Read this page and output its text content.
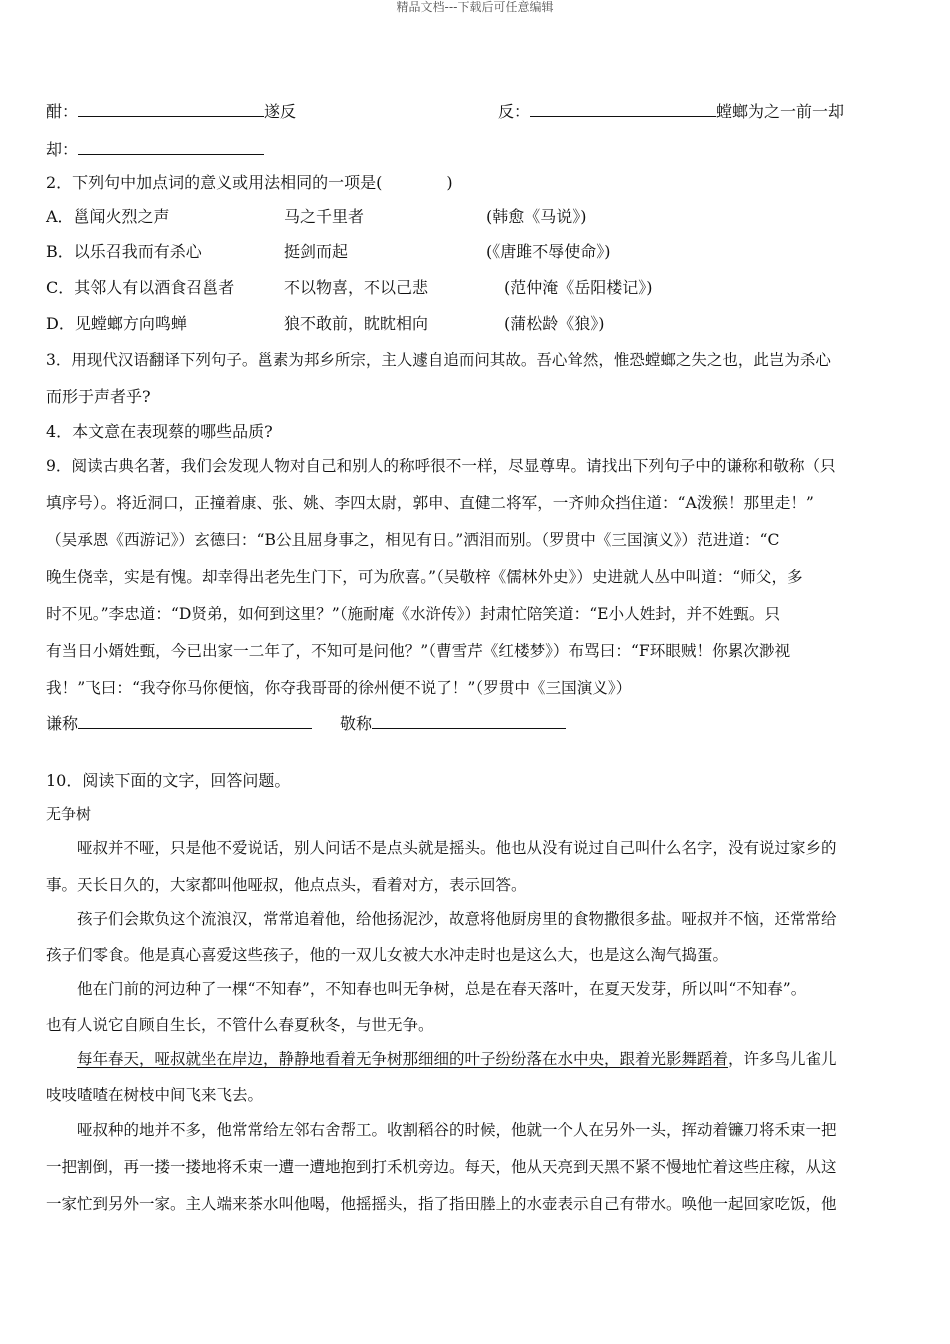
精品文档---下载后可任意编辑
酣：	遂反	反：	螳螂为之一前一却
却：
2．下列句中加点词的意义或用法相同的一项是(　　　　)
A．邕闻火烈之声	马之千里者	(韩愈《马说》)
B．以乐召我而有杀心	挺剑而起	(《唐雎不辱使命》)
C．其邻人有以酒食召邕者	不以物喜，不以己悲	(范仲淹《岳阳楼记》)
D．见螳螂方向鸣蝉	狼不敢前，眈眈相向	(蒲松龄《狼》)
3．用现代汉语翻译下列句子。邕素为邦乡所宗，主人遽自追而问其故。吾心耸然，惟恐螳螂之失之也，此岂为杀心
而形于声者乎?
4．本文意在表现蔡的哪些品质?
9．阅读古典名著，我们会发现人物对自己和别人的称呼很不一样，尽显尊卑。请找出下列句子中的谦称和敬称（只
填序号）。将近洞口，正撞着康、张、姚、李四太尉，郭申、直健二将军，一齐帅众挡住道：“A泼猴！那里走！”
（吴承恩《西游记》）玄德曰：“B公且屈身事之，相见有日。”洒泪而别。（罗贯中《三国演义》）范进道：“C
晚生侥幸，实是有愧。却幸得出老先生门下，可为欣喜。”（吴敬梓《儒林外史》）史进就人丛中叫道：“师父，多
时不见。”李忠道：“D贤弟，如何到这里？”（施耐庵《水浒传》）封肃忙陪笑道：“E小人姓封，并不姓甄。只
有当日小婿姓甄，今已出家一二年了，不知可是问他？”（曹雪芹《红楼梦》）布骂曰：“F环眼贼！你累次渺视
我！”飞曰：“我夺你马你便恼，你夺我哥哥的徐州便不说了！”（罗贯中《三国演义》）
谦称	敬称
10．阅读下面的文字，回答问题。
无争树
　　哑叔并不哑，只是他不爱说话，别人问话不是点头就是摇头。他也从没有说过自己叫什么名字，没有说过家乡的
事。天长日久的，大家都叫他哑叔，他点点头，看着对方，表示回答。
　　孩子们会欺负这个流浪汉，常常追着他，给他扬泥沙，故意将他厨房里的食物撒很多盐。哑叔并不恼，还常常给
孩子们零食。他是真心喜爱这些孩子，他的一双儿女被大水冲走时也是这么大，也是这么淘气捣蛋。
　　他在门前的河边种了一棵“不知春”，不知春也叫无争树，总是在春天落叶，在夏天发芽，所以叫“不知春”。
也有人说它自顾自生长，不管什么春夏秋冬，与世无争。
　　每年春天，哑叔就坐在岸边，静静地看着无争树那细细的叶子纷纷落在水中央，跟着光影舞蹈着，许多鸟儿雀儿
吱吱喳喳在树枝中间飞来飞去。
　　哑叔种的地并不多，他常常给左邻右舍帮工。收割稻谷的时候，他就一个人在另外一头，挥动着镰刀将禾束一把
一把割倒，再一搂一搂地将禾束一遭一遭地抱到打禾机旁边。每天，他从天亮到天黑不紧不慢地忙着这些庄稼，从这
一家忙到另外一家。主人端来茶水叫他喝，他摇摇头，指了指田塍上的水壶表示自己有带水。唤他一起回家吃饭，他
